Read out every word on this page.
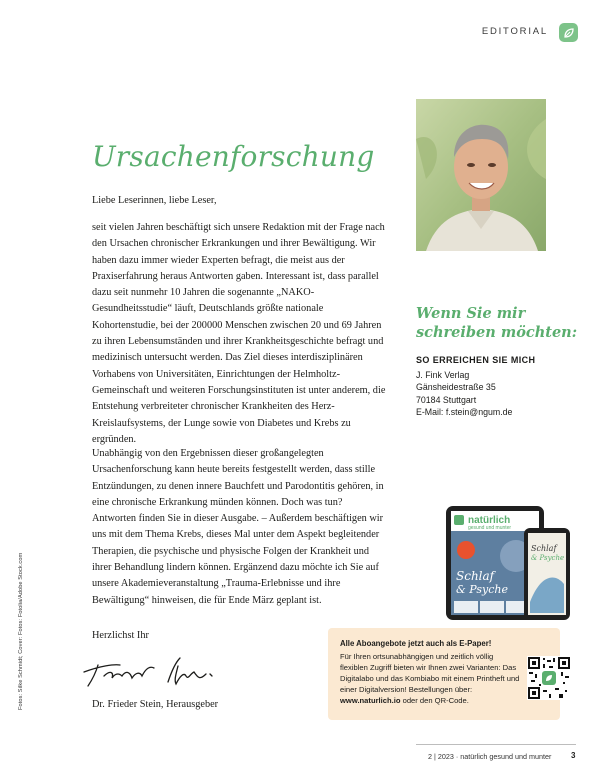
EDITORIAL
Ursachenforschung
Liebe Leserinnen, liebe Leser,
seit vielen Jahren beschäftigt sich unsere Redaktion mit der Frage nach den Ursachen chronischer Erkrankungen und ihrer Bewältigung. Wir haben dazu immer wieder Experten befragt, die meist aus der Praxiserfahrung heraus Antworten gaben. Interessant ist, dass parallel dazu seit nunmehr 10 Jahren die sogenannte „NAKO-Gesundheitsstudie“ läuft, Deutschlands größte nationale Kohortenstudie, bei der 200000 Menschen zwischen 20 und 69 Jahren zu ihren Lebensumständen und ihrer Krankheitsgeschichte befragt und medizinisch untersucht werden. Das Ziel dieses interdisziplinären Vorhabens von Universitäten, Einrichtungen der Helmholtz-Gemeinschaft und weiteren Forschungsinstituten ist unter anderem, die Entstehung verbreiteter chronischer Krankheiten des Herz-Kreislaufsystems, der Lunge sowie von Diabetes und Krebs zu ergründen.
Unabhängig von den Ergebnissen dieser großangelegten Ursachenforschung kann heute bereits festgestellt werden, dass stille Entzündungen, zu denen innere Bauchfett und Parodontitis gehören, in eine chronische Erkrankung münden können. Doch was tun? Antworten finden Sie in dieser Ausgabe. – Außerdem beschäftigen wir uns mit dem Thema Krebs, dieses Mal unter dem Aspekt begleitender Therapien, die psychische und physische Folgen der Krankheit und ihrer Behandlung lindern können. Ergänzend dazu möchte ich Sie auf unsere Akademieveranstaltung „Trauma-Erlebnisse und ihre Bewältigung“ hinweisen, die für Ende März geplant ist.
Herzlichst Ihr
Dr. Frieder Stein, Herausgeber
Fotos: Silke Schmidt; Cover: Fotos: Fotolia/Adobe Stock.com
Wenn Sie mir
schreiben möchten:
SO ERREICHEN SIE MICH
J. Fink Verlag
Gänsheidestraße 35
70184 Stuttgart
E-Mail: f.stein@ngum.de
natürlich
gesund und munter
Schlaf
& Psyche
Schlaf
& Psyche
Alle Aboangebote jetzt auch als E-Paper!
Für Ihren ortsunabhängigen und zeitlich völlig flexiblen Zugriff bieten wir Ihnen zwei Varianten: Das Digitalabo und das Kombiabo mit einem Printheft und einer Digitalversion! Bestellungen über: www.naturlich.io oder den QR-Code.
2 | 2023 · natürlich gesund und munter 3
